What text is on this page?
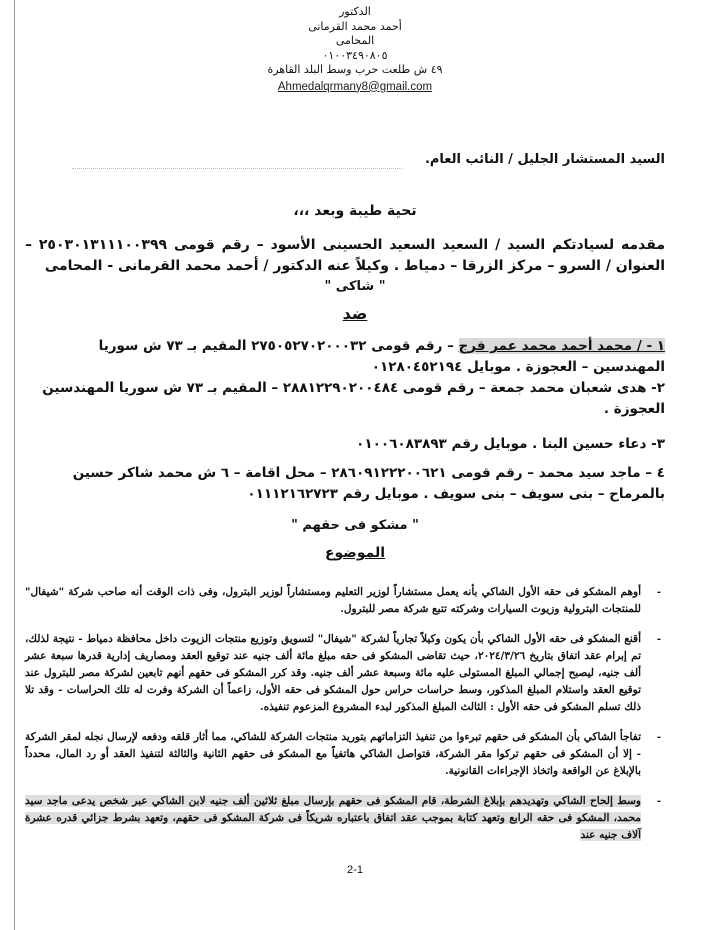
الدكتور
أحمد محمد القرمانى
المحامى
٠١٠٠٣٤٩٠٨٠٥
٤٩ ش طلعت حرب وسط البلد القاهرة
Ahmedalqrmany8@gmail.com
السيد المستشار الجليل / النائب العام.
تحية طيبة وبعد ،،،
مقدمه لسيادتكم السيد / السعيد السعيد الحسينى الأسود – رقم قومى ٢٥٠٣٠١٣١١١٠٠٣٩٩ – العنوان / السرو – مركز الزرقا – دمياط . وكيلاً عنه الدكتور / أحمد محمد القرمانى - المحامى
" شاكى "
ضد
١ - / محمد أحمد محمد عمر فرج – رقم قومى ٢٧٥٠٥٢٧٠٢٠٠٠٣٢ المقيم بـ ٧٣ ش سوريا المهندسين – العجوزة . موبايل ٠١٢٨٠٤٥٢١٩٤
٢- هدى شعبان محمد جمعة – رقم قومى ٢٨٨١٢٢٩٠٢٠٠٤٨٤ – المقيم بـ ٧٣ ش سوريا المهندسين العجوزة .
٣- دعاء حسين البنا . موبايل رقم ٠١٠٠٦٠٨٣٨٩٣
٤ – ماجد سيد محمد – رقم قومى ٢٨٦٠٩١٢٢٢٠٠٦٢١ – محل اقامة – ٦ ش محمد شاكر حسين بالمرماح – بنى سويف – بنى سويف . موبايل رقم ٠١١١٢١٦٢٧٢٣
" مشكو فى حقهم "
الموضوع
-
أوهم المشكو فى حقه الأول الشاكي بأنه يعمل مستشاراً لوزير التعليم ومستشاراً لوزير البترول، وفى ذات الوقت أنه صاحب شركة "شيفال" للمنتجات البترولية وزيوت السيارات وشركته تتبع شركة مصر للبترول.
-
أقنع المشكو فى حقه الأول الشاكي بأن يكون وكيلاً تجارياً لشركة "شيفال" لتسويق وتوزيع منتجات الزيوت داخل محافظة دمياط - نتيجة لذلك، تم إبرام عقد اتفاق بتاريخ ٢٠٢٤/٣/٢٦، حيث تقاضى المشكو فى حقه مبلغ مائة ألف جنيه عند توقيع العقد ومصاريف إدارية قدرها سبعة عشر ألف جنيه، ليصبح إجمالي المبلغ المستولى عليه مائة وسبعة عشر ألف جنيه. وقد كرر المشكو فى حقهم أنهم تابعين لشركة مصر للبترول عند توقيع العقد واستلام المبلغ المذكور، وسط حراسات حراس حول المشكو فى حقه الأول، زاعماً أن الشركة وفرت له تلك الحراسات - وقد تلا ذلك تسلم المشكو فى حقه الأول : الثالث المبلغ المذكور لبدء المشروع المزعوم تنفيذه.
-
تفاجأ الشاكي بأن المشكو فى حقهم تبرءوا من تنفيذ التزاماتهم بتوريد منتجات الشركة للشاكي، مما أثار قلقه ودفعه لإرسال نجله لمقر الشركة - إلا أن المشكو فى حقهم تركوا مقر الشركة، فتواصل الشاكي هاتفياً مع المشكو فى حقهم الثانية والثالثة لتنفيذ العقد أو رد المال، محدداً بالإبلاغ عن الواقعة واتخاذ الإجراءات القانونية.
-
وسط إلحاح الشاكي وتهديدهم بإبلاغ الشرطة، قام المشكو فى حقهم بإرسال مبلغ ثلاثين ألف جنيه لابن الشاكي عبر شخص يدعى ماجد سيد محمد، المشكو فى حقه الرابع وتعهد كتابة بموجب عقد اتفاق باعتباره شريكاً فى شركة المشكو فى حقهم، وتعهد بشرط جزائي قدره عشرة آلاف جنيه عند
2-1
